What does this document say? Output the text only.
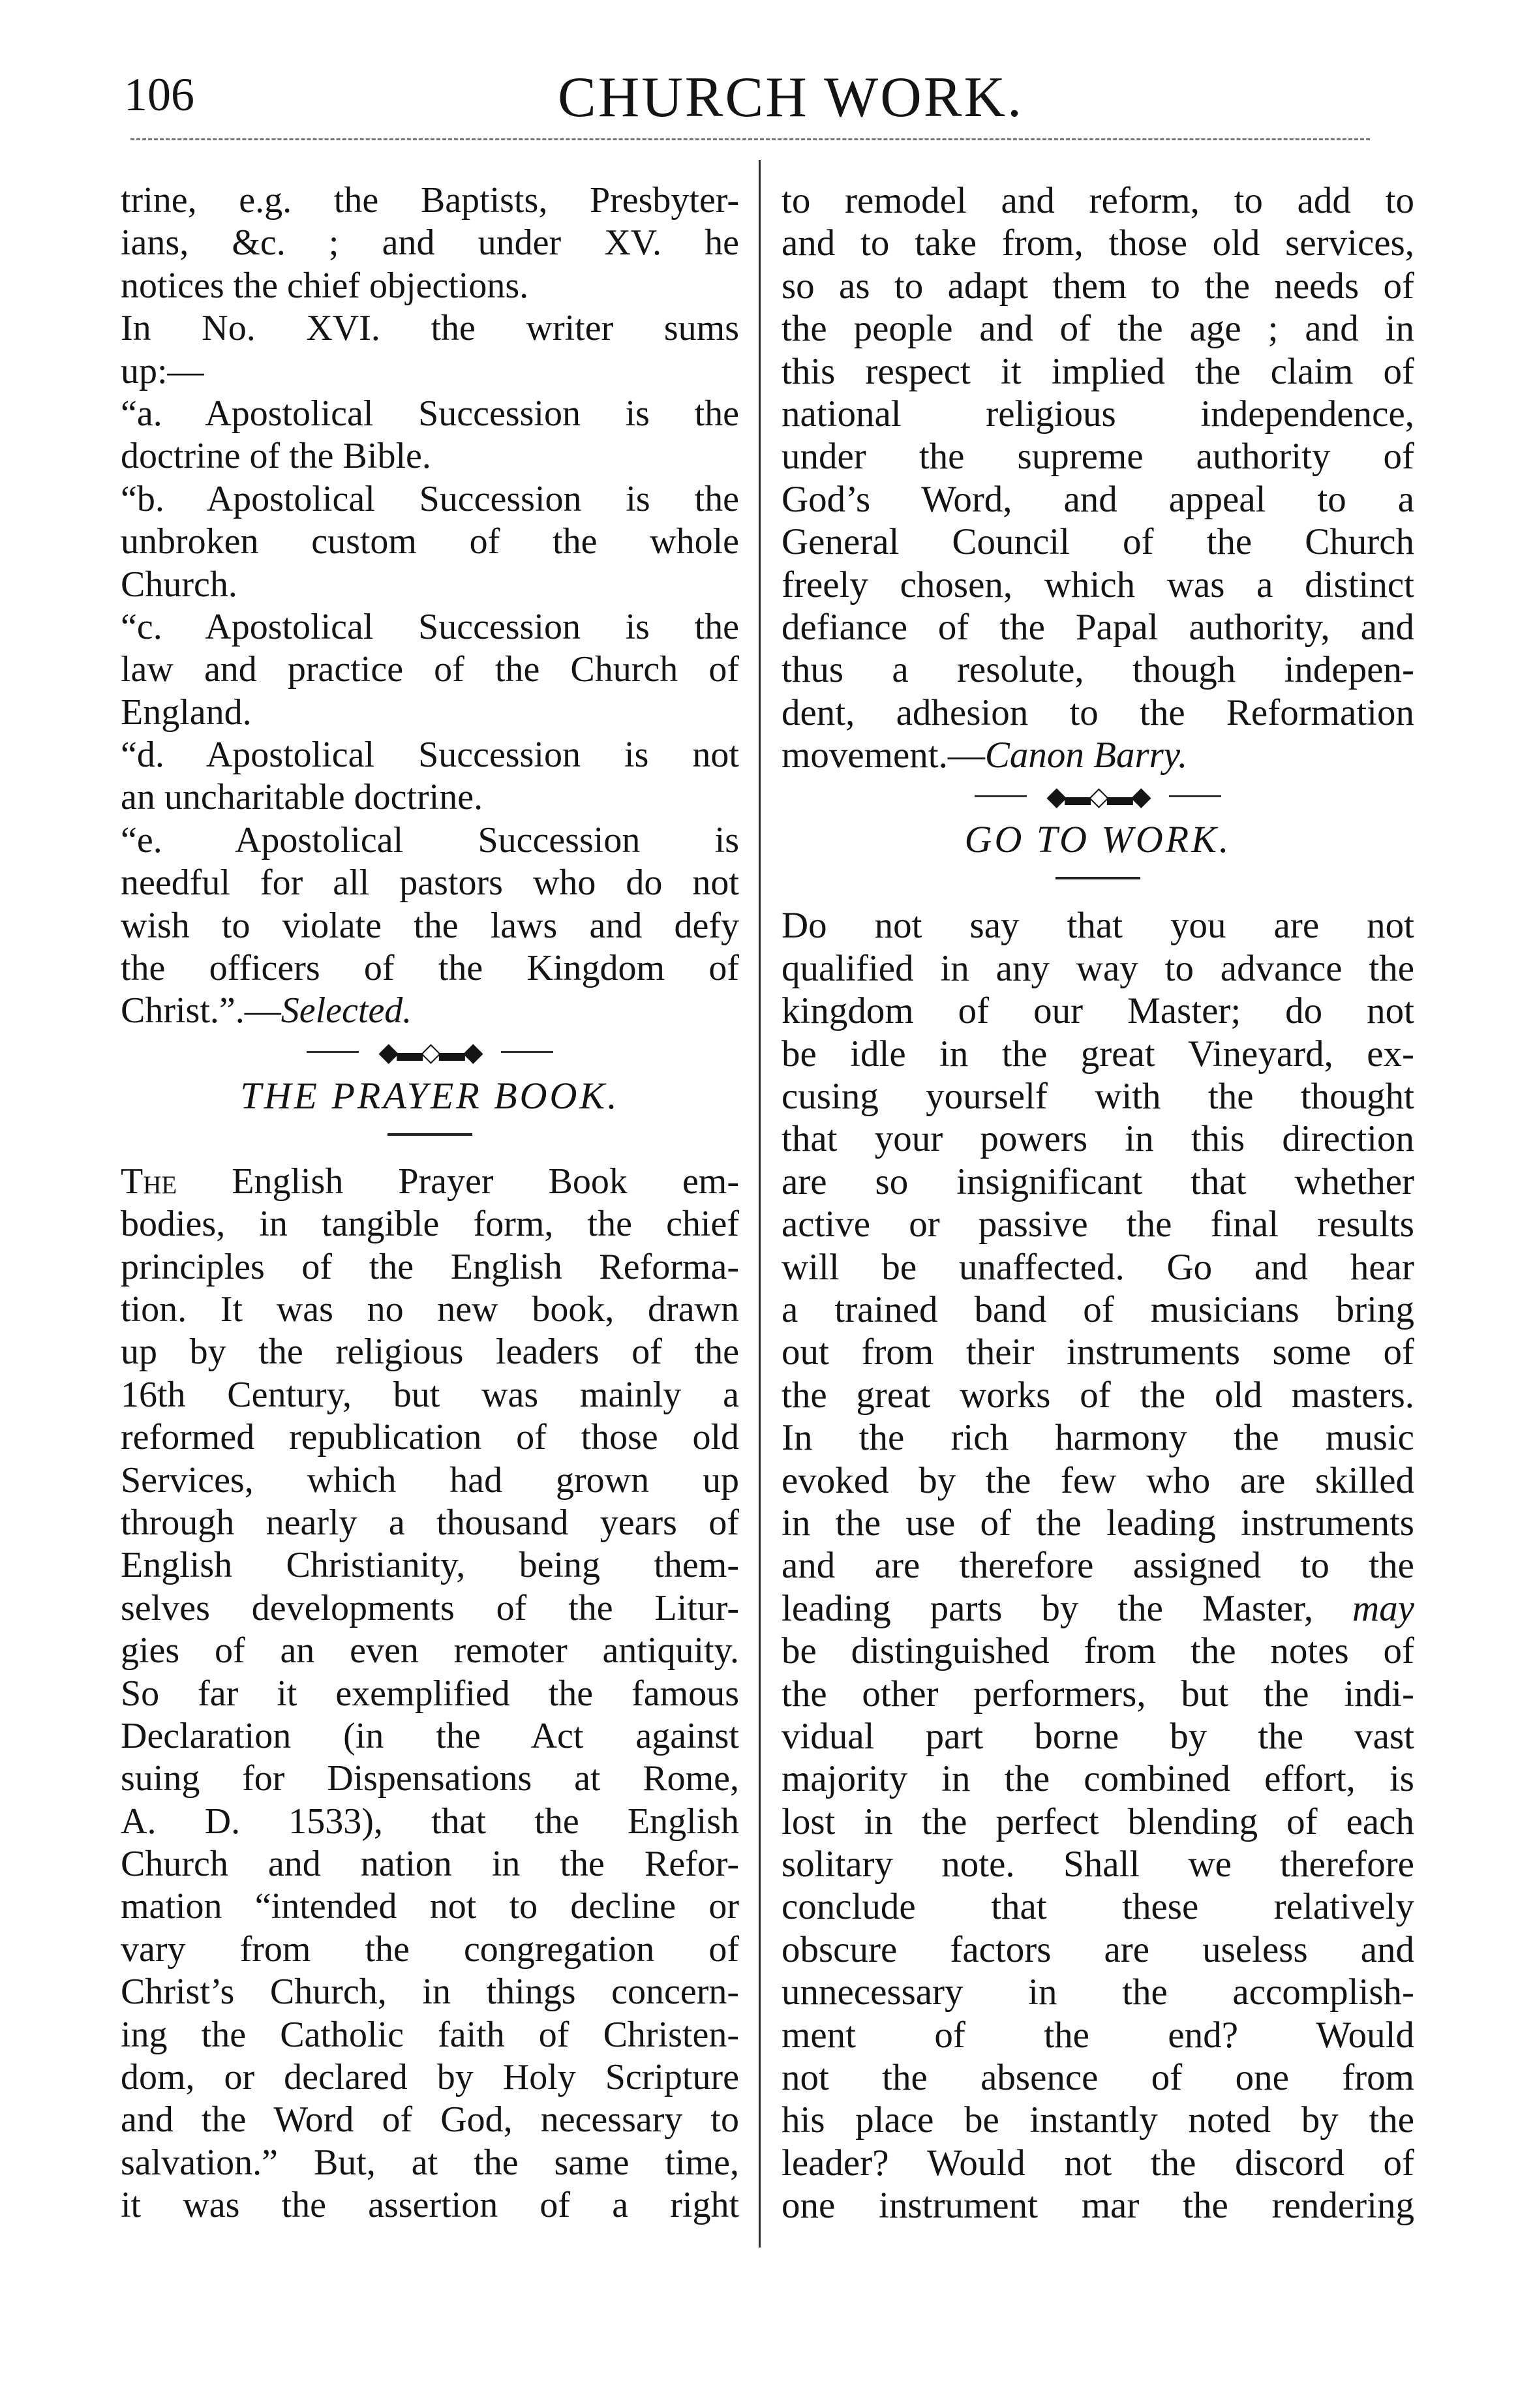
106	CHURCH WORK.
trine, e.g. the Baptists, Presbyter-
ians, &c. ; and under XV. he
notices the chief objections.
In No. XVI. the writer sums
up:—
“a. Apostolical Succession is the
doctrine of the Bible.
“b. Apostolical Succession is the
unbroken custom of the whole
Church.
“c. Apostolical Succession is the
law and practice of the Church of
England.
“d. Apostolical Succession is not
an uncharitable doctrine.
“e. Apostolical Succession is
needful for all pastors who do not
wish to violate the laws and defy
the officers of the Kingdom of
Christ.”.—Selected.
◆▬◇▬◆
THE PRAYER BOOK.
The English Prayer Book em-
bodies, in tangible form, the chief
principles of the English Reforma-
tion. It was no new book, drawn
up by the religious leaders of the
16th Century, but was mainly a
reformed republication of those old
Services, which had grown up
through nearly a thousand years of
English Christianity, being them-
selves developments of the Litur-
gies of an even remoter antiquity.
So far it exemplified the famous
Declaration (in the Act against
suing for Dispensations at Rome,
A. D. 1533), that the English
Church and nation in the Refor-
mation “intended not to decline or
vary from the congregation of
Christ’s Church, in things concern-
ing the Catholic faith of Christen-
dom, or declared by Holy Scripture
and the Word of God, necessary to
salvation.” But, at the same time,
it was the assertion of a right
to remodel and reform, to add to
and to take from, those old services,
so as to adapt them to the needs of
the people and of the age ; and in
this respect it implied the claim of
national religious independence,
under the supreme authority of
God’s Word, and appeal to a
General Council of the Church
freely chosen, which was a distinct
defiance of the Papal authority, and
thus a resolute, though indepen-
dent, adhesion to the Reformation
movement.—Canon Barry.
◆▬◇▬◆
GO TO WORK.
Do not say that you are not
qualified in any way to advance the
kingdom of our Master; do not
be idle in the great Vineyard, ex-
cusing yourself with the thought
that your powers in this direction
are so insignificant that whether
active or passive the final results
will be unaffected. Go and hear
a trained band of musicians bring
out from their instruments some of
the great works of the old masters.
In the rich harmony the music
evoked by the few who are skilled
in the use of the leading instruments
and are therefore assigned to the
leading parts by the Master, may
be distinguished from the notes of
the other performers, but the indi-
vidual part borne by the vast
majority in the combined effort, is
lost in the perfect blending of each
solitary note. Shall we therefore
conclude that these relatively
obscure factors are useless and
unnecessary in the accomplish-
ment of the end? Would
not the absence of one from
his place be instantly noted by the
leader? Would not the discord of
one instrument mar the rendering
